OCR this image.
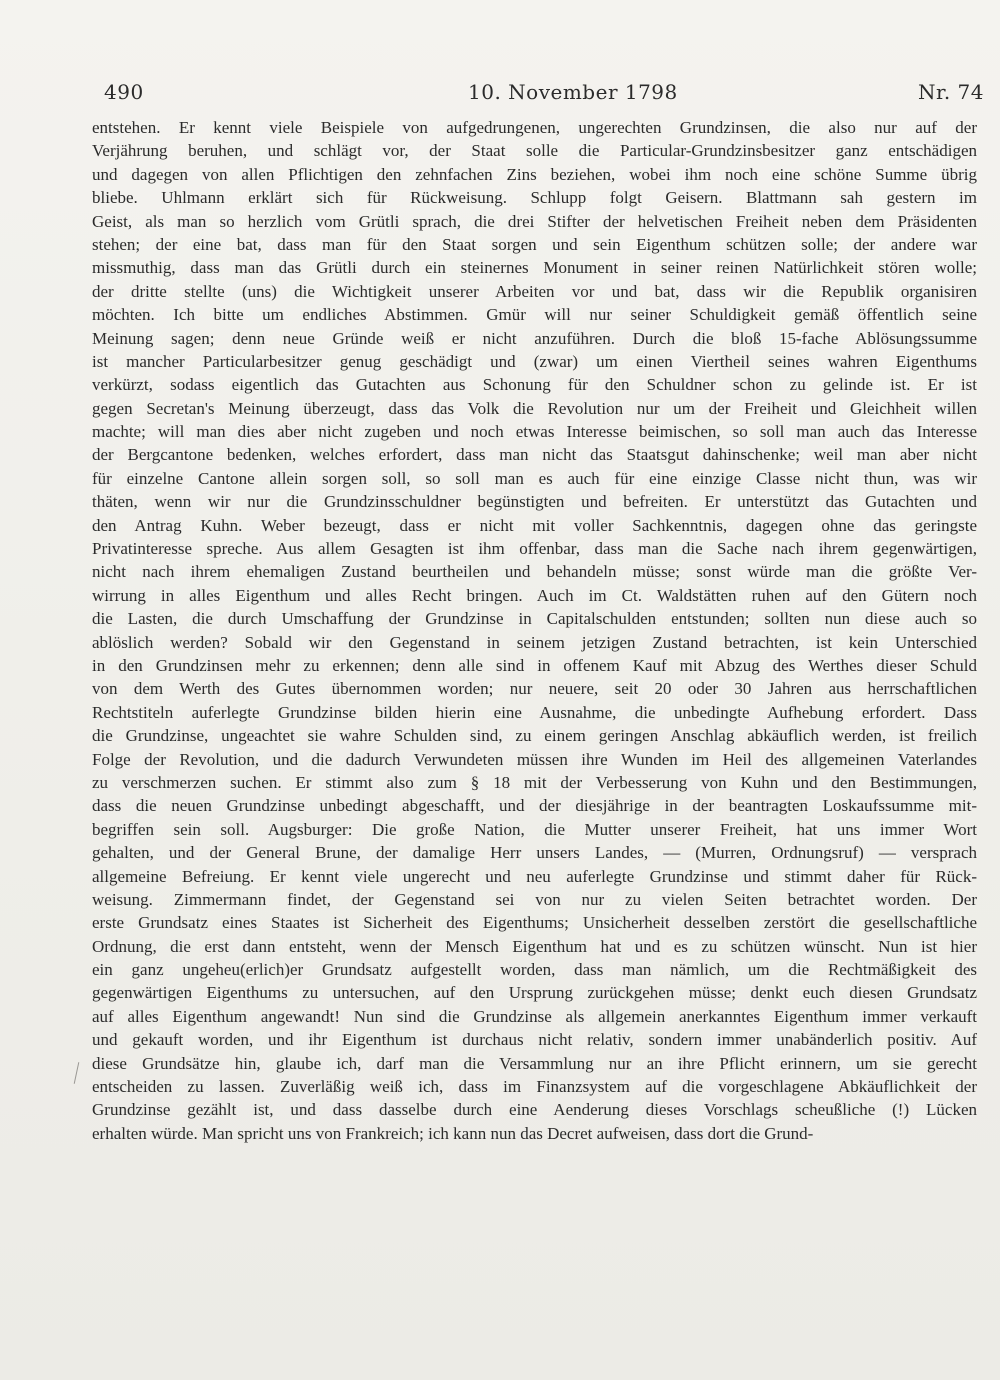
490	10. November 1798	Nr. 74
entstehen. Er kennt viele Beispiele von aufgedrungenen, ungerechten Grundzinsen, die also nur auf der
Verjährung beruhen, und schlägt vor, der Staat solle die Particular-Grundzinsbesitzer ganz entschädigen
und dagegen von allen Pflichtigen den zehnfachen Zins beziehen, wobei ihm noch eine schöne Summe übrig
bliebe. Uhlmann erklärt sich für Rückweisung. Schlupp folgt Geisern. Blattmann sah gestern im
Geist, als man so herzlich vom Grütli sprach, die drei Stifter der helvetischen Freiheit neben dem Präsidenten
stehen; der eine bat, dass man für den Staat sorgen und sein Eigenthum schützen solle; der andere war
missmuthig, dass man das Grütli durch ein steinernes Monument in seiner reinen Natürlichkeit stören wolle;
der dritte stellte (uns) die Wichtigkeit unserer Arbeiten vor und bat, dass wir die Republik organisiren
möchten. Ich bitte um endliches Abstimmen. Gmür will nur seiner Schuldigkeit gemäß öffentlich seine
Meinung sagen; denn neue Gründe weiß er nicht anzuführen. Durch die bloß 15-fache Ablösungssumme
ist mancher Particularbesitzer genug geschädigt und (zwar) um einen Viertheil seines wahren Eigenthums
verkürzt, sodass eigentlich das Gutachten aus Schonung für den Schuldner schon zu gelinde ist. Er ist
gegen Secretan's Meinung überzeugt, dass das Volk die Revolution nur um der Freiheit und Gleichheit willen
machte; will man dies aber nicht zugeben und noch etwas Interesse beimischen, so soll man auch das Interesse
der Bergcantone bedenken, welches erfordert, dass man nicht das Staatsgut dahinschenke; weil man aber nicht
für einzelne Cantone allein sorgen soll, so soll man es auch für eine einzige Classe nicht thun, was wir
thäten, wenn wir nur die Grundzinsschuldner begünstigten und befreiten. Er unterstützt das Gutachten und
den Antrag Kuhn. Weber bezeugt, dass er nicht mit voller Sachkenntnis, dagegen ohne das geringste
Privatinteresse spreche. Aus allem Gesagten ist ihm offenbar, dass man die Sache nach ihrem gegenwärtigen,
nicht nach ihrem ehemaligen Zustand beurtheilen und behandeln müsse; sonst würde man die größte Ver-
wirrung in alles Eigenthum und alles Recht bringen. Auch im Ct. Waldstätten ruhen auf den Gütern noch
die Lasten, die durch Umschaffung der Grundzinse in Capitalschulden entstunden; sollten nun diese auch so
ablöslich werden? Sobald wir den Gegenstand in seinem jetzigen Zustand betrachten, ist kein Unterschied
in den Grundzinsen mehr zu erkennen; denn alle sind in offenem Kauf mit Abzug des Werthes dieser Schuld
von dem Werth des Gutes übernommen worden; nur neuere, seit 20 oder 30 Jahren aus herrschaftlichen
Rechtstiteln auferlegte Grundzinse bilden hierin eine Ausnahme, die unbedingte Aufhebung erfordert. Dass
die Grundzinse, ungeachtet sie wahre Schulden sind, zu einem geringen Anschlag abkäuflich werden, ist freilich
Folge der Revolution, und die dadurch Verwundeten müssen ihre Wunden im Heil des allgemeinen Vaterlandes
zu verschmerzen suchen. Er stimmt also zum § 18 mit der Verbesserung von Kuhn und den Bestimmungen,
dass die neuen Grundzinse unbedingt abgeschafft, und der diesjährige in der beantragten Loskaufssumme mit-
begriffen sein soll. Augsburger: Die große Nation, die Mutter unserer Freiheit, hat uns immer Wort
gehalten, und der General Brune, der damalige Herr unsers Landes, — (Murren, Ordnungsruf) — versprach
allgemeine Befreiung. Er kennt viele ungerecht und neu auferlegte Grundzinse und stimmt daher für Rück-
weisung. Zimmermann findet, der Gegenstand sei von nur zu vielen Seiten betrachtet worden. Der
erste Grundsatz eines Staates ist Sicherheit des Eigenthums; Unsicherheit desselben zerstört die gesellschaftliche
Ordnung, die erst dann entsteht, wenn der Mensch Eigenthum hat und es zu schützen wünscht. Nun ist hier
ein ganz ungeheu(erlich)er Grundsatz aufgestellt worden, dass man nämlich, um die Rechtmäßigkeit des
gegenwärtigen Eigenthums zu untersuchen, auf den Ursprung zurückgehen müsse; denkt euch diesen Grundsatz
auf alles Eigenthum angewandt! Nun sind die Grundzinse als allgemein anerkanntes Eigenthum immer verkauft
und gekauft worden, und ihr Eigenthum ist durchaus nicht relativ, sondern immer unabänderlich positiv. Auf
diese Grundsätze hin, glaube ich, darf man die Versammlung nur an ihre Pflicht erinnern, um sie gerecht
entscheiden zu lassen. Zuverläßig weiß ich, dass im Finanzsystem auf die vorgeschlagene Abkäuflichkeit der
Grundzinse gezählt ist, und dass dasselbe durch eine Aenderung dieses Vorschlags scheußliche (!) Lücken
erhalten würde. Man spricht uns von Frankreich; ich kann nun das Decret aufweisen, dass dort die Grund-
